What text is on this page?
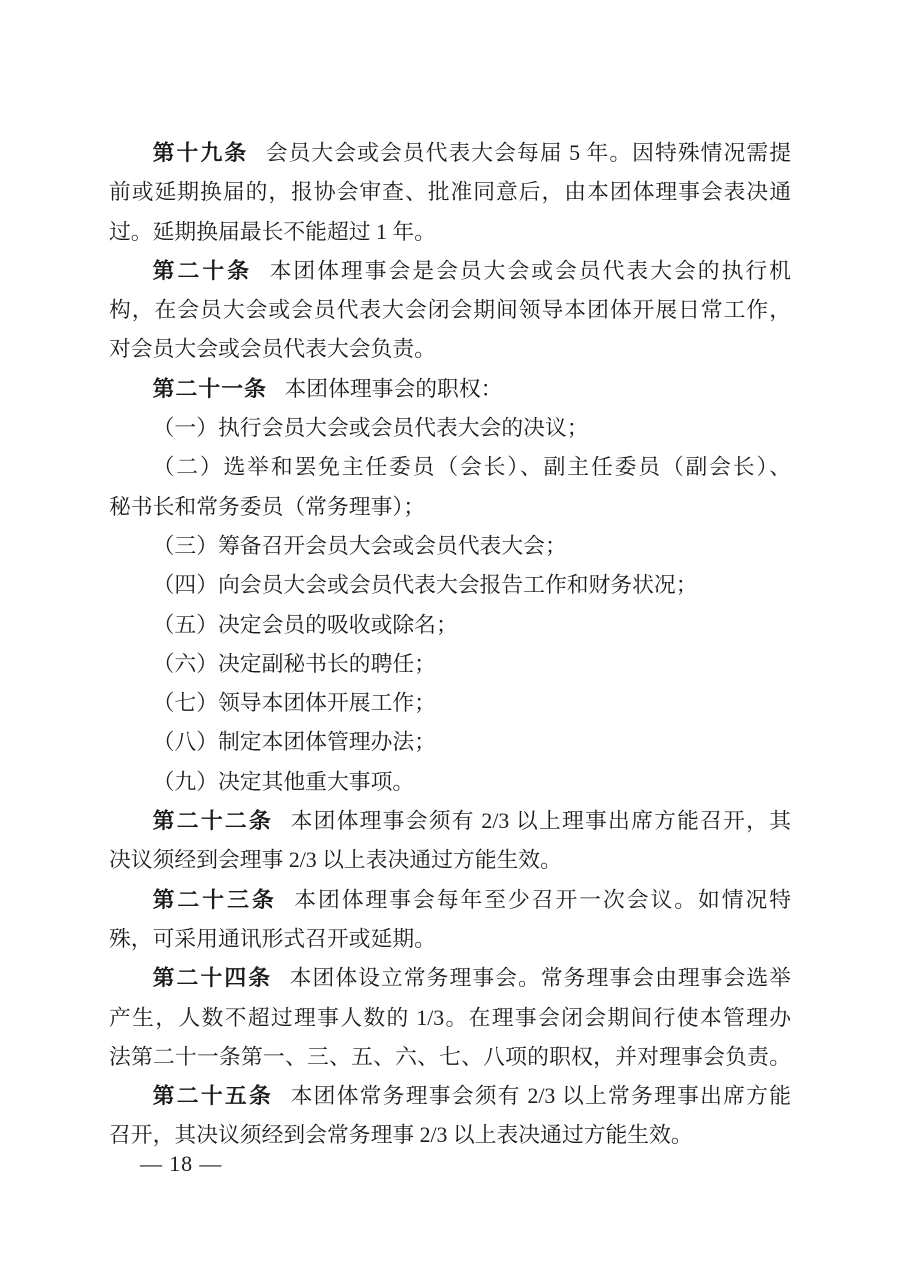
第十九条 会员大会或会员代表大会每届 5 年。因特殊情况需提
前或延期换届的，报协会审查、批准同意后，由本团体理事会表决通
过。延期换届最长不能超过 1 年。
第二十条 本团体理事会是会员大会或会员代表大会的执行机
构，在会员大会或会员代表大会闭会期间领导本团体开展日常工作，
对会员大会或会员代表大会负责。
第二十一条 本团体理事会的职权：
（一）执行会员大会或会员代表大会的决议；
（二）选举和罢免主任委员（会长）、副主任委员（副会长）、
秘书长和常务委员（常务理事）；
（三）筹备召开会员大会或会员代表大会；
（四）向会员大会或会员代表大会报告工作和财务状况；
（五）决定会员的吸收或除名；
（六）决定副秘书长的聘任；
（七）领导本团体开展工作；
（八）制定本团体管理办法；
（九）决定其他重大事项。
第二十二条 本团体理事会须有 2/3 以上理事出席方能召开，其
决议须经到会理事 2/3 以上表决通过方能生效。
第二十三条 本团体理事会每年至少召开一次会议。如情况特
殊，可采用通讯形式召开或延期。
第二十四条 本团体设立常务理事会。常务理事会由理事会选举
产生，人数不超过理事人数的 1/3。在理事会闭会期间行使本管理办
法第二十一条第一、三、五、六、七、八项的职权，并对理事会负责。
第二十五条 本团体常务理事会须有 2/3 以上常务理事出席方能
召开，其决议须经到会常务理事 2/3 以上表决通过方能生效。
— 18 —
